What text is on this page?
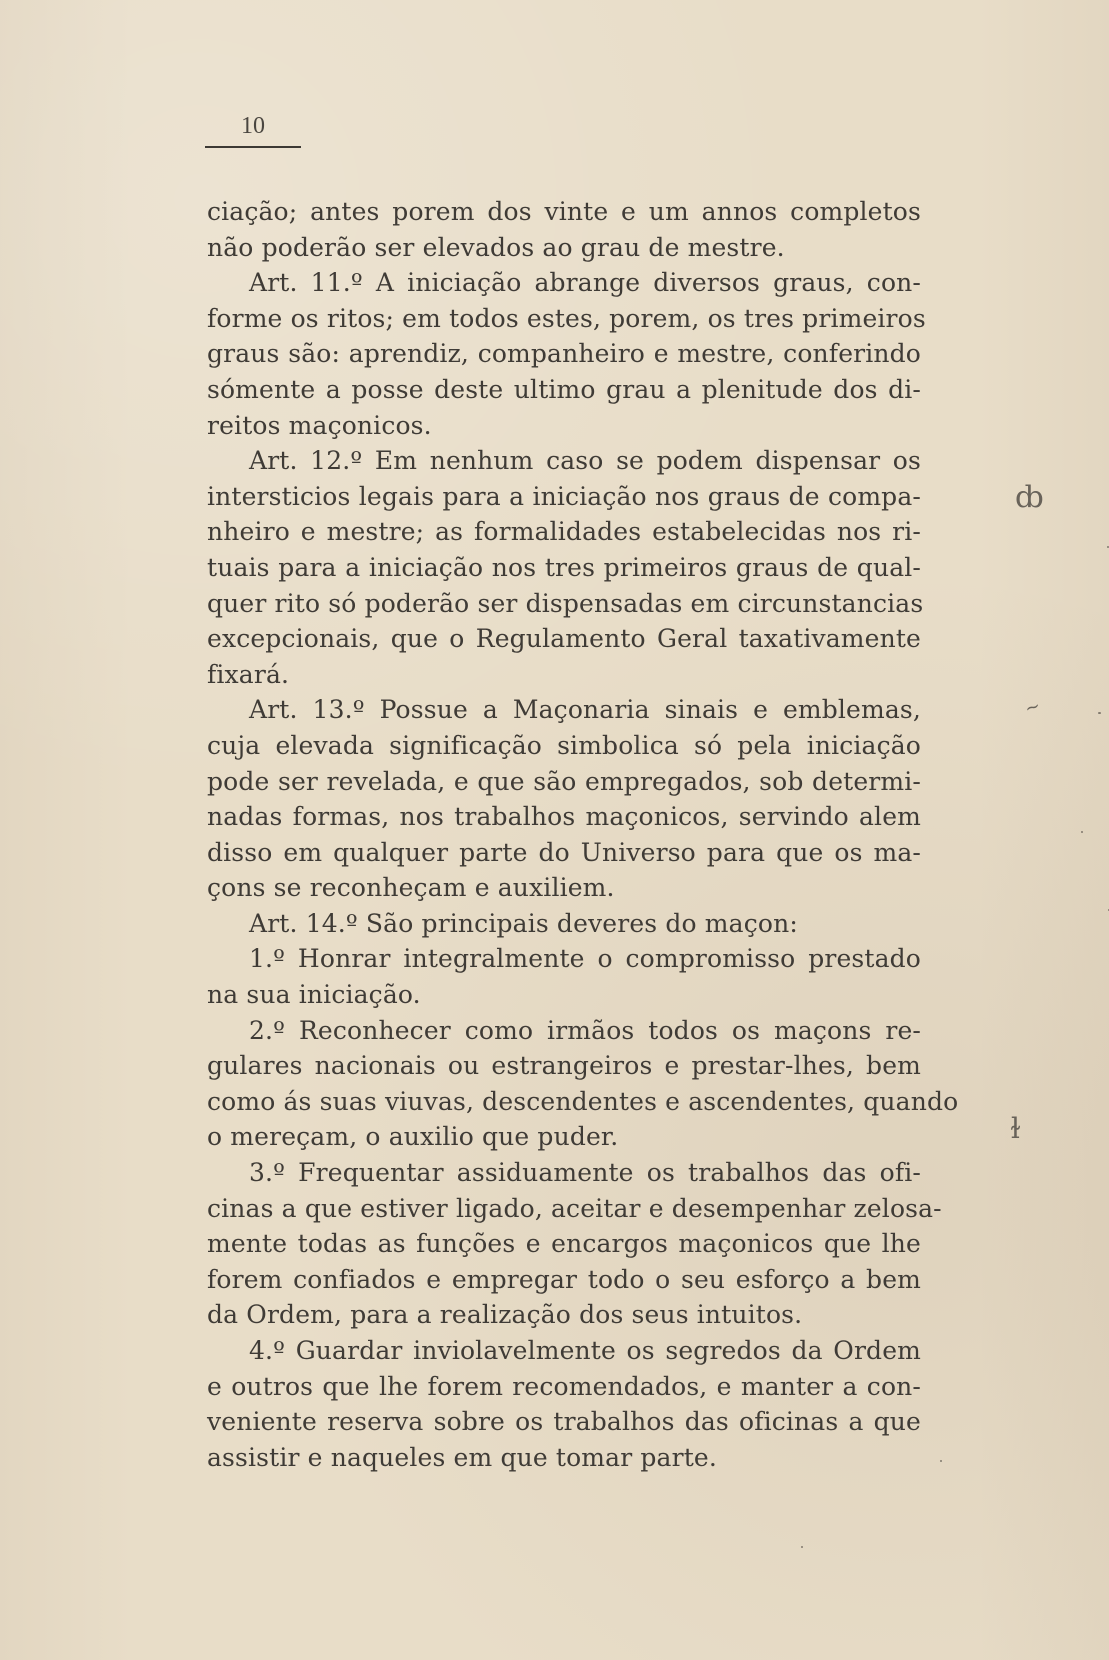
10
ciação; antes porem dos vinte e um annos completos
não poderão ser elevados ao grau de mestre.
Art. 11.º A iniciação abrange diversos graus, con-
forme os ritos; em todos estes, porem, os tres primeiros
graus são: aprendiz, companheiro e mestre, conferindo
sómente a posse deste ultimo grau a plenitude dos di-
reitos maçonicos.
Art. 12.º Em nenhum caso se podem dispensar os
intersticios legais para a iniciação nos graus de compa-
nheiro e mestre; as formalidades estabelecidas nos ri-
tuais para a iniciação nos tres primeiros graus de qual-
quer rito só poderão ser dispensadas em circunstancias
excepcionais, que o Regulamento Geral taxativamente
fixará.
Art. 13.º Possue a Maçonaria sinais e emblemas,
cuja elevada significação simbolica só pela iniciação
pode ser revelada, e que são empregados, sob determi-
nadas formas, nos trabalhos maçonicos, servindo alem
disso em qualquer parte do Universo para que os ma-
çons se reconheçam e auxiliem.
Art. 14.º São principais deveres do maçon:
1.º Honrar integralmente o compromisso prestado
na sua iniciação.
2.º Reconhecer como irmãos todos os maçons re-
gulares nacionais ou estrangeiros e prestar-lhes, bem
como ás suas viuvas, descendentes e ascendentes, quando
o mereçam, o auxilio que puder.
3.º Frequentar assiduamente os trabalhos das ofi-
cinas a que estiver ligado, aceitar e desempenhar zelosa-
mente todas as funções e encargos maçonicos que lhe
forem confiados e empregar todo o seu esforço a bem
da Ordem, para a realização dos seus intuitos.
4.º Guardar inviolavelmente os segredos da Ordem
e outros que lhe forem recomendados, e manter a con-
veniente reserva sobre os trabalhos das oficinas a que
assistir e naqueles em que tomar parte.
ȸ
~
ɫ
